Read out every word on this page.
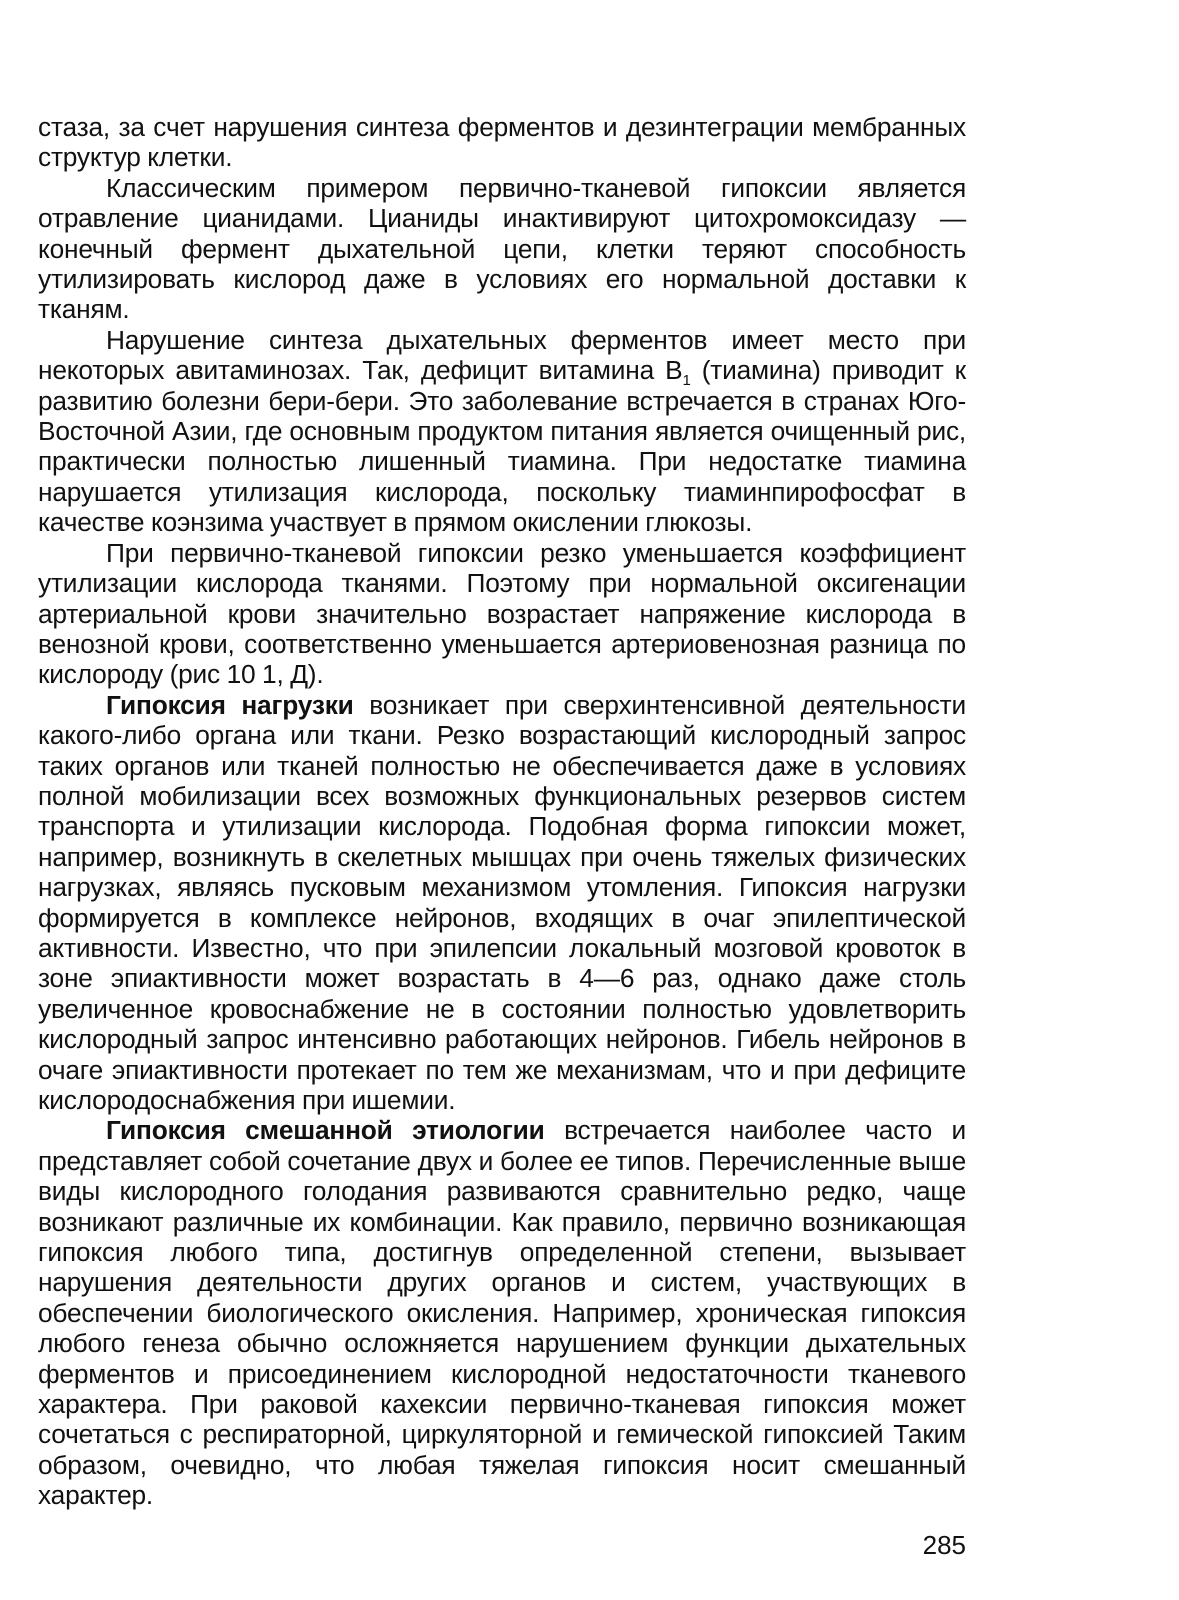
стаза, за счет нарушения синтеза ферментов и дезинтеграции мембранных структур клетки.

Классическим примером первично-тканевой гипоксии является отравление цианидами. Цианиды инактивируют цитохромоксидазу — конечный фермент дыхательной цепи, клетки теряют способность утилизировать кислород даже в условиях его нормальной доставки к тканям.

Нарушение синтеза дыхательных ферментов имеет место при некоторых авитаминозах. Так, дефицит витамина $B_1$ (тиамина) приводит к развитию болезни бери-бери. Это заболевание встречается в странах Юго-Восточной Азии, где основным продуктом питания является очищенный рис, практически полностью лишенный тиамина. При недостатке тиамина нарушается утилизация кислорода, поскольку тиаминпирофосфат в качестве коэнзима участвует в прямом окислении глюкозы.

При первично-тканевой гипоксии резко уменьшается коэффициент утилизации кислорода тканями. Поэтому при нормальной оксигенации артериальной крови значительно возрастает напряжение кислорода в венозной крови, соответственно уменьшается артериовенозная разница по кислороду (рис 10 1, Д).

Гипоксия нагрузки возникает при сверхинтенсивной деятельности какого-либо органа или ткани. Резко возрастающий кислородный запрос таких органов или тканей полностью не обеспечивается даже в условиях полной мобилизации всех возможных функциональных резервов систем транспорта и утилизации кислорода. Подобная форма гипоксии может, например, возникнуть в скелетных мышцах при очень тяжелых физических нагрузках, являясь пусковым механизмом утомления. Гипоксия нагрузки формируется в комплексе нейронов, входящих в очаг эпилептической активности. Известно, что при эпилепсии локальный мозговой кровоток в зоне эпиактивности может возрастать в 4—6 раз, однако даже столь увеличенное кровоснабжение не в состоянии полностью удовлетворить кислородный запрос интенсивно работающих нейронов. Гибель нейронов в очаге эпиактивности протекает по тем же механизмам, что и при дефиците кислородоснабжения при ишемии.

Гипоксия смешанной этиологии встречается наиболее часто и представляет собой сочетание двух и более ее типов. Перечисленные выше виды кислородного голодания развиваются сравнительно редко, чаще возникают различные их комбинации. Как правило, первично возникающая гипоксия любого типа, достигнув определенной степени, вызывает нарушения деятельности других органов и систем, участвующих в обеспечении биологического окисления. Например, хроническая гипоксия любого генеза обычно осложняется нарушением функции дыхательных ферментов и присоединением кислородной недостаточности тканевого характера. При раковой кахексии первично-тканевая гипоксия может сочетаться с респираторной, циркуляторной и гемической гипоксией Таким образом, очевидно, что любая тяжелая гипоксия носит смешанный характер.

285
